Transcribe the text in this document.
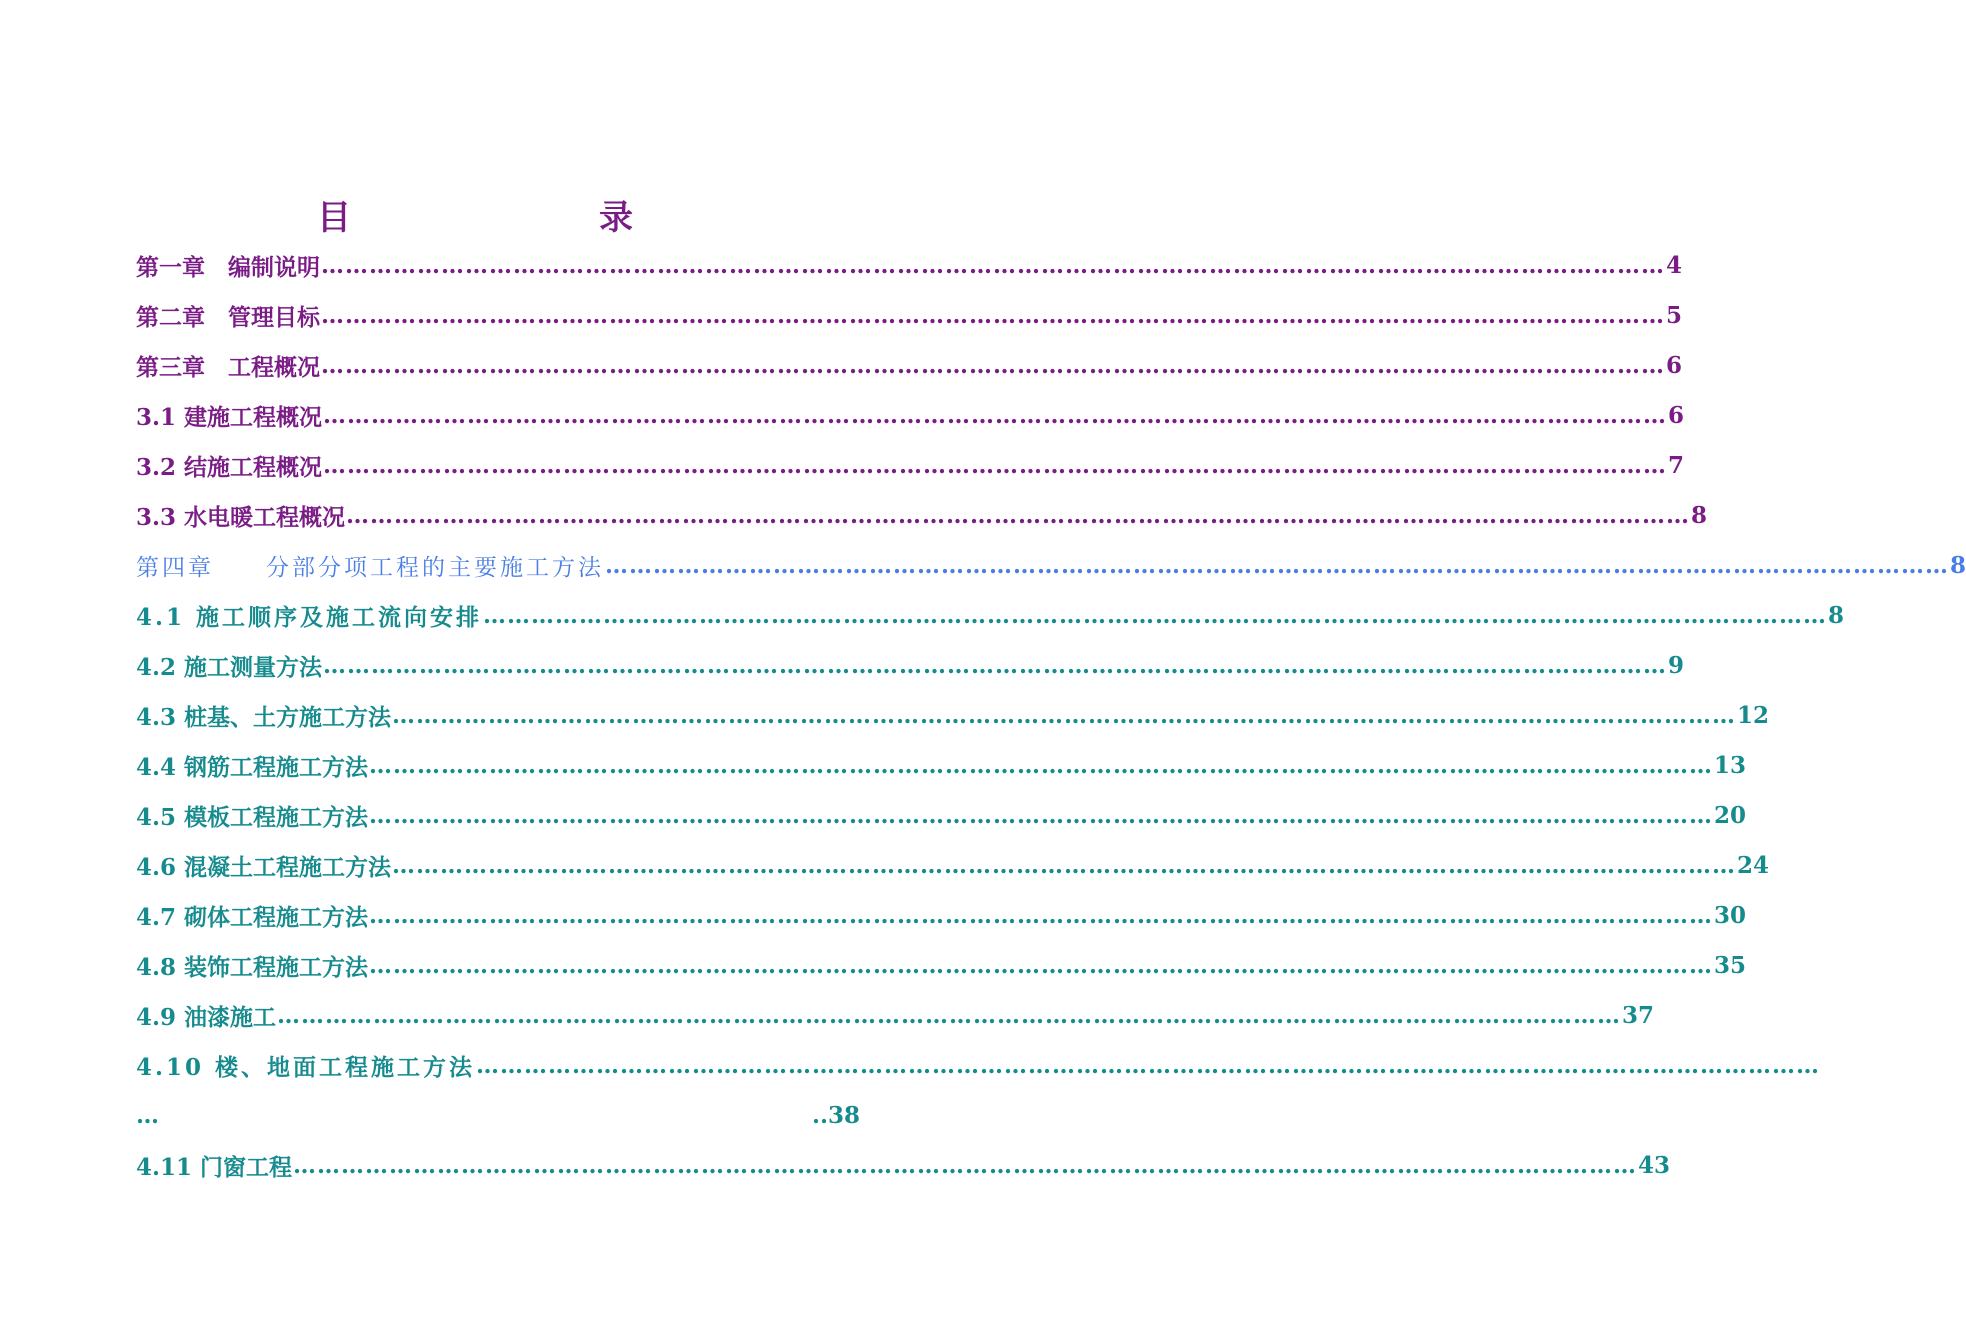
目　　录
第一章　编制说明 …………………………………………………………………………………………………………………………………………………… 4
第二章　管理目标 …………………………………………………………………………………………………………………………………………………… 5
第三章　工程概况 …………………………………………………………………………………………………………………………………………………… 6
3.1 建施工程概况 …………………………………………………………………………………………………………………………………………………… 6
3.2 结施工程概况 …………………………………………………………………………………………………………………………………………………… 7
3.3 水电暖工程概况 …………………………………………………………………………………………………………………………………………………… 8
第四章　　分部分项工程的主要施工方法 …………………………………………………………………………………………………………………………………………………… 8
4.1 施工顺序及施工流向安排 …………………………………………………………………………………………………………………………………………………… 8
4.2 施工测量方法 …………………………………………………………………………………………………………………………………………………… 9
4.3 桩基、土方施工方法 …………………………………………………………………………………………………………………………………………………… 12
4.4 钢筋工程施工方法 …………………………………………………………………………………………………………………………………………………… 13
4.5 模板工程施工方法 …………………………………………………………………………………………………………………………………………………… 20
4.6 混凝土工程施工方法 …………………………………………………………………………………………………………………………………………………… 24
4.7 砌体工程施工方法 …………………………………………………………………………………………………………………………………………………… 30
4.8 装饰工程施工方法 …………………………………………………………………………………………………………………………………………………… 35
4.9 油漆施工 …………………………………………………………………………………………………………………………………………………… 37
4.10 楼、地面工程施工方法 ……………………………………………………………………………………………………………………………………………………
…	..38
4.11 门窗工程 …………………………………………………………………………………………………………………………………………………… 43
